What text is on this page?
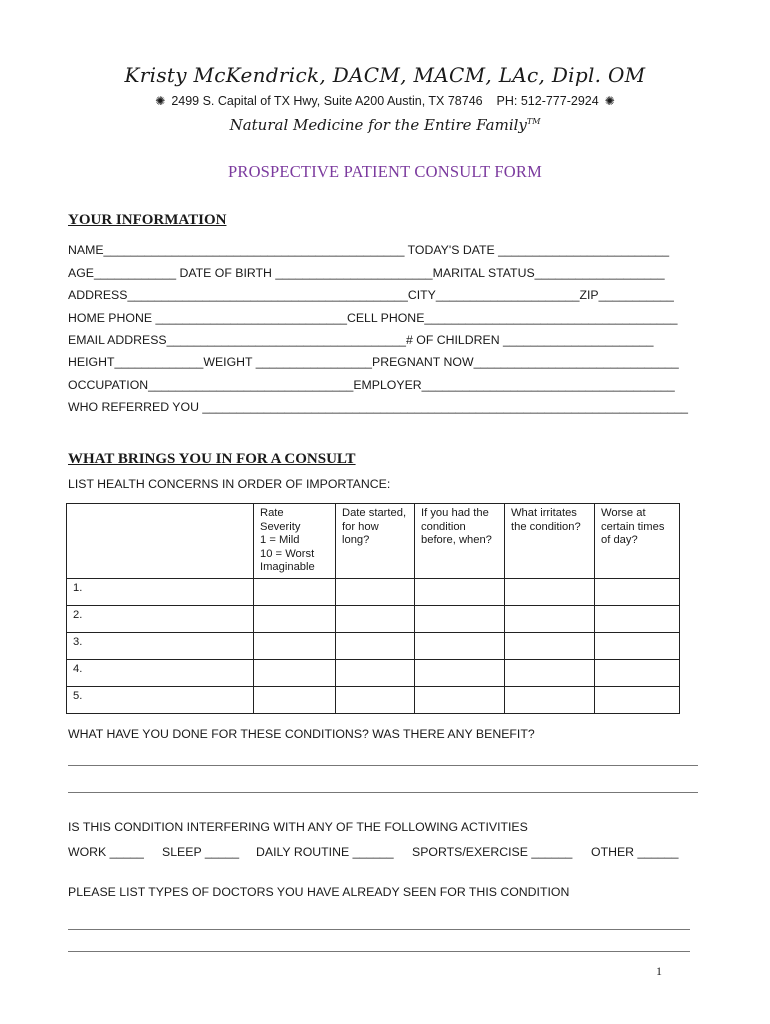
Kristy McKendrick, DACM, MACM, LAc, Dipl. OM
✺ 2499 S. Capital of TX Hwy, Suite A200 Austin, TX 78746 PH: 512-777-2924 ✺
Natural Medicine for the Entire Family™
PROSPECTIVE PATIENT CONSULT FORM
YOUR INFORMATION
NAME____________________________________________ TODAY'S DATE _________________________
AGE____________ DATE OF BIRTH _______________________MARITAL STATUS___________________
ADDRESS_________________________________________CITY_____________________ZIP___________
HOME PHONE ____________________________CELL PHONE_____________________________________
EMAIL ADDRESS___________________________________# OF CHILDREN ______________________
HEIGHT_____________WEIGHT _________________PREGNANT NOW______________________________
OCCUPATION______________________________EMPLOYER_____________________________________
WHO REFERRED YOU _______________________________________________________________________
WHAT BRINGS YOU IN FOR A CONSULT
LIST HEALTH CONCERNS IN ORDER OF IMPORTANCE:
	Rate
Severity
1 = Mild
10 = Worst
Imaginable	Date started,
for how
long?	If you had the
condition
before, when?	What irritates
the condition?	Worse at
certain times
of day?
1.					
2.					
3.					
4.					
5.					
WHAT HAVE YOU DONE FOR THESE CONDITIONS? WAS THERE ANY BENEFIT?
IS THIS CONDITION INTERFERING WITH ANY OF THE FOLLOWING ACTIVITIES
WORK _____ SLEEP _____ DAILY ROUTINE ______ SPORTS/EXERCISE ______ OTHER ______
PLEASE LIST TYPES OF DOCTORS YOU HAVE ALREADY SEEN FOR THIS CONDITION
1
